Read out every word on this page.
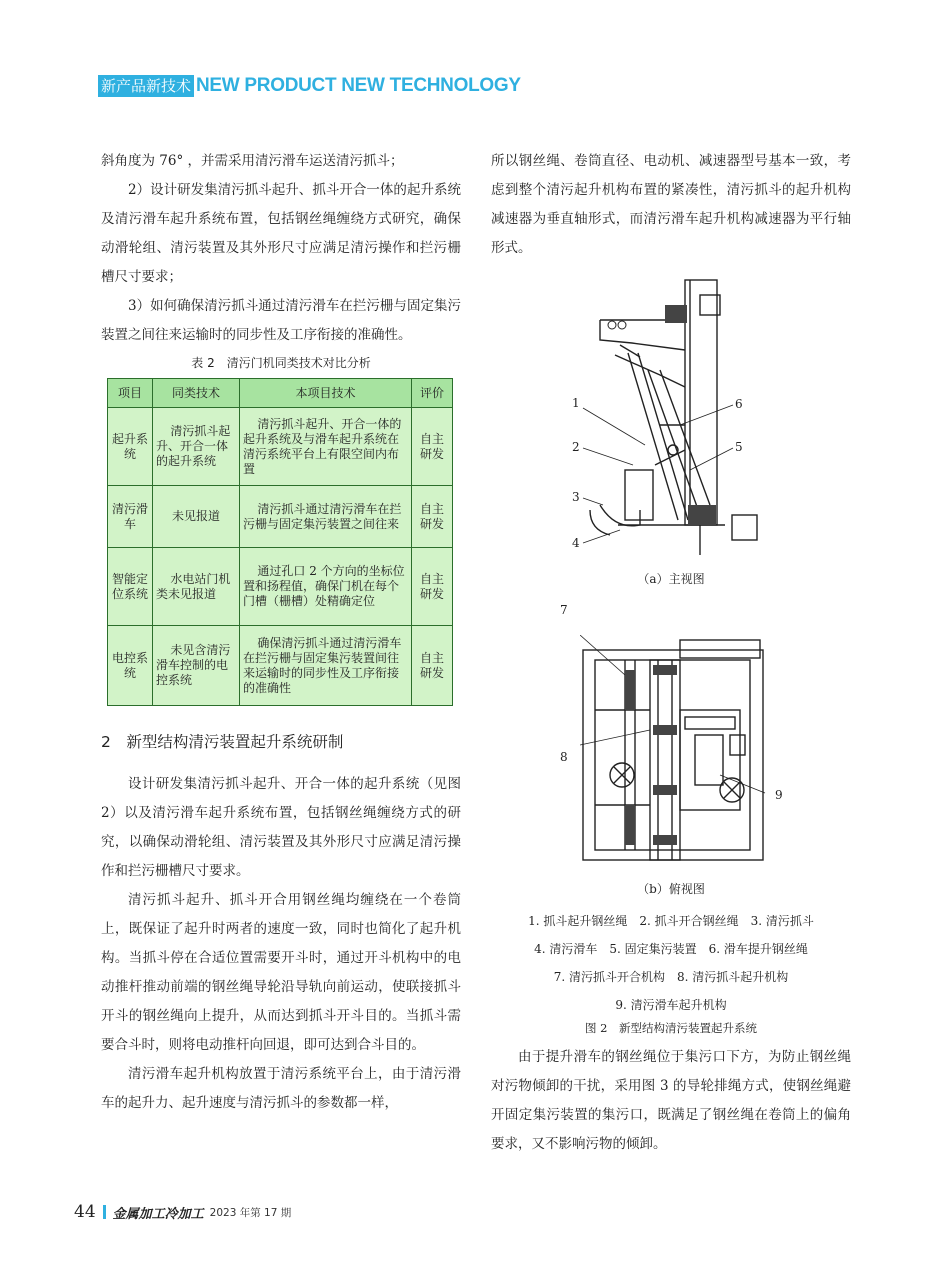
新产品新技术 NEW PRODUCT NEW TECHNOLOGY

斜角度为 76° ，并需采用清污滑车运送清污抓斗；

2）设计研发集清污抓斗起升、抓斗开合一体的起升系统及清污滑车起升系统布置，包括钢丝绳缠绕方式研究，确保动滑轮组、清污装置及其外形尺寸应满足清污操作和拦污栅槽尺寸要求；

3）如何确保清污抓斗通过清污滑车在拦污栅与固定集污装置之间往来运输时的同步性及工序衔接的准确性。

表 2　清污门机同类技术对比分析
项目	同类技术	本项目技术	评价
起升系统	清污抓斗起升、开合一体的起升系统	清污抓斗起升、开合一体的起升系统及与滑车起升系统在清污系统平台上有限空间内布置	自主研发
清污滑车	未见报道	清污抓斗通过清污滑车在拦污栅与固定集污装置之间往来	自主研发
智能定位系统	水电站门机类未见报道	通过孔口 2 个方向的坐标位置和扬程值，确保门机在每个门槽（栅槽）处精确定位	自主研发
电控系统	未见含清污滑车控制的电控系统	确保清污抓斗通过清污滑车在拦污栅与固定集污装置间往来运输时的同步性及工序衔接的准确性	自主研发
2　新型结构清污装置起升系统研制

设计研发集清污抓斗起升、开合一体的起升系统（见图 2）以及清污滑车起升系统布置，包括钢丝绳缠绕方式的研究，以确保动滑轮组、清污装置及其外形尺寸应满足清污操作和拦污栅槽尺寸要求。

清污抓斗起升、抓斗开合用钢丝绳均缠绕在一个卷筒上，既保证了起升时两者的速度一致，同时也简化了起升机构。当抓斗停在合适位置需要开斗时，通过开斗机构中的电动推杆推动前端的钢丝绳导轮沿导轨向前运动，使联接抓斗开斗的钢丝绳向上提升，从而达到抓斗开斗目的。当抓斗需要合斗时，则将电动推杆向回退，即可达到合斗目的。

清污滑车起升机构放置于清污系统平台上，由于清污滑车的起升力、起升速度与清污抓斗的参数都一样，

所以钢丝绳、卷筒直径、电动机、减速器型号基本一致，考虑到整个清污起升机构布置的紧凑性，清污抓斗的起升机构减速器为垂直轴形式，而清污滑车起升机构减速器为平行轴形式。

1
2
3
4
5
6
（a）主视图
7
8
9
（b）俯视图
1. 抓斗起升钢丝绳　2. 抓斗开合钢丝绳　3. 清污抓斗
4. 清污滑车　5. 固定集污装置　6. 滑车提升钢丝绳
7. 清污抓斗开合机构　8. 清污抓斗起升机构
9. 清污滑车起升机构
图 2　新型结构清污装置起升系统

由于提升滑车的钢丝绳位于集污口下方，为防止钢丝绳对污物倾卸的干扰，采用图 3 的导轮排绳方式，使钢丝绳避开固定集污装置的集污口，既满足了钢丝绳在卷筒上的偏角要求，又不影响污物的倾卸。

44 金属加工冷加工 2023 年第 17 期
